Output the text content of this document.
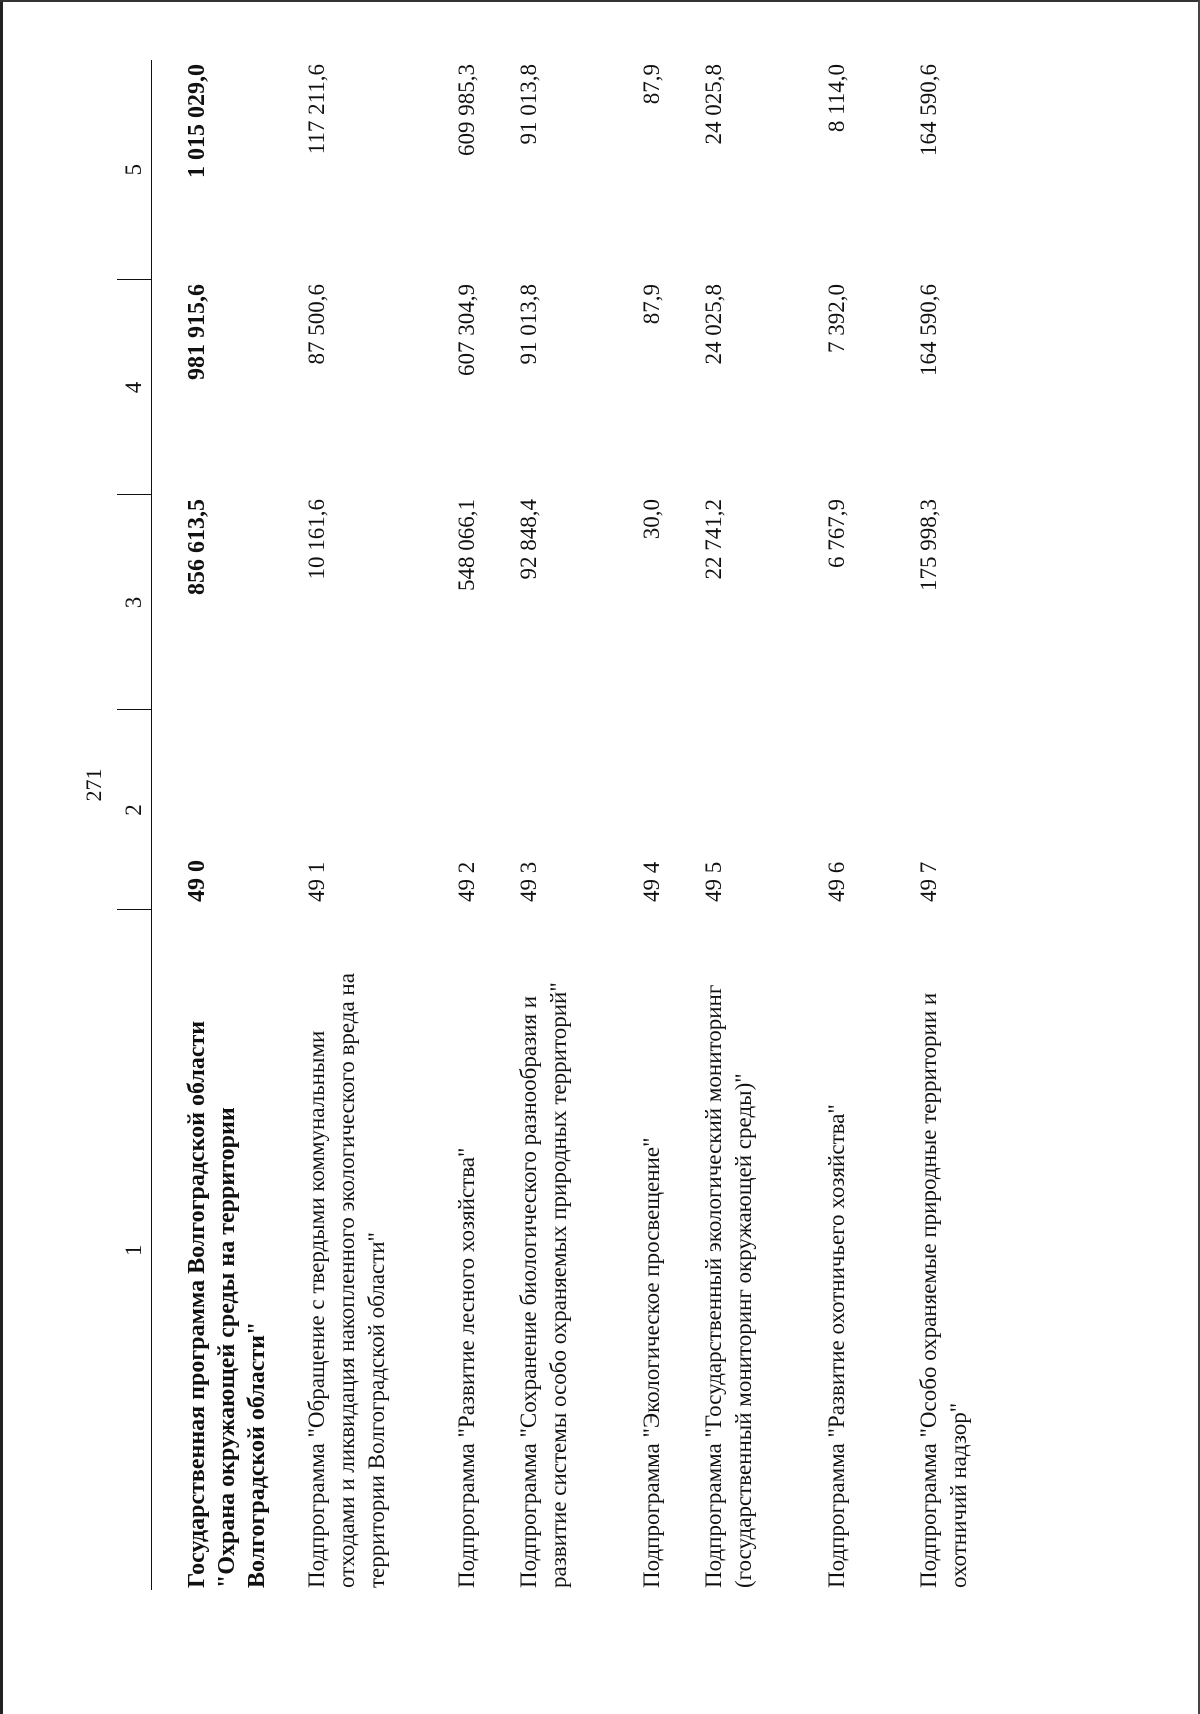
271
1	2	3	4	5
Государственная программа Волгоградской области "Охрана окружающей среды на территории Волгоградской области"	49 0	856 613,5	981 915,6	1 015 029,0
Подпрограмма "Обращение с твердыми коммунальными отходами и ликвидация накопленного экологического вреда на территории Волгоградской области"	49 1	10 161,6	87 500,6	117 211,6
Подпрограмма "Развитие лесного хозяйства"	49 2	548 066,1	607 304,9	609 985,3
Подпрограмма "Сохранение биологического разнообразия и развитие системы особо охраняемых природных территорий"	49 3	92 848,4	91 013,8	91 013,8
Подпрограмма "Экологическое просвещение"	49 4	30,0	87,9	87,9
Подпрограмма "Государственный экологический мониторинг (государственный мониторинг окружающей среды)"	49 5	22 741,2	24 025,8	24 025,8
Подпрограмма "Развитие охотничьего хозяйства"	49 6	6 767,9	7 392,0	8 114,0
Подпрограмма "Особо охраняемые природные территории и охотничий надзор"	49 7	175 998,3	164 590,6	164 590,6
